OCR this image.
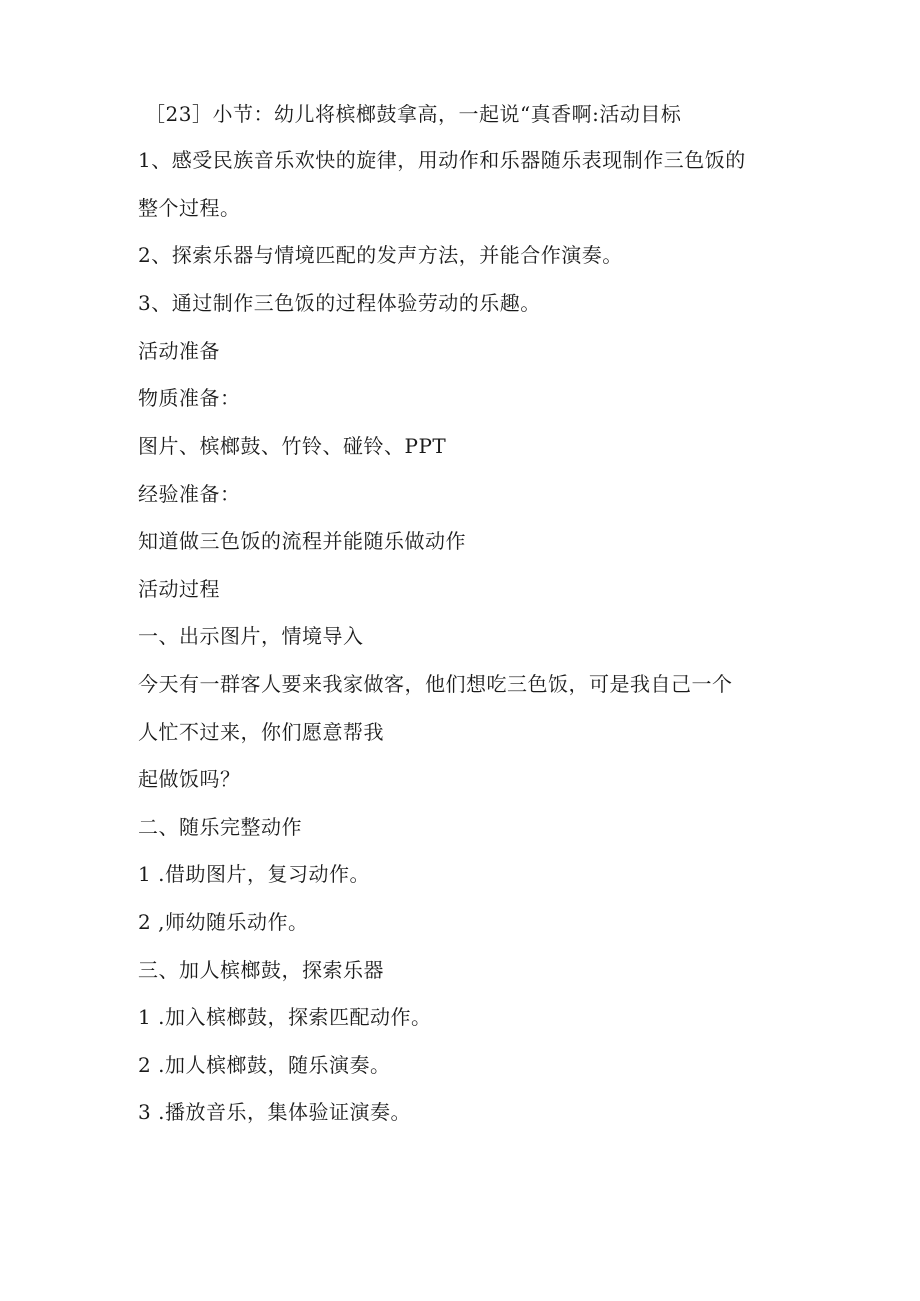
［23］小节：幼儿将槟榔鼓拿高，一起说“真香啊:活动目标
1、感受民族音乐欢快的旋律，用动作和乐器随乐表现制作三色饭的
整个过程。
2、探索乐器与情境匹配的发声方法，并能合作演奏。
3、通过制作三色饭的过程体验劳动的乐趣。
活动准备
物质准备：
图片、槟榔鼓、竹铃、碰铃、PPT
经验准备：
知道做三色饭的流程并能随乐做动作
活动过程
一、出示图片，情境导入
今天有一群客人要来我家做客，他们想吃三色饭，可是我自己一个
人忙不过来，你们愿意帮我
起做饭吗？
二、随乐完整动作
1 .借助图片，复习动作。
2 ,师幼随乐动作。
三、加人槟榔鼓，探索乐器
1 .加入槟榔鼓，探索匹配动作。
2 .加人槟榔鼓，随乐演奏。
3 .播放音乐，集体验证演奏。
